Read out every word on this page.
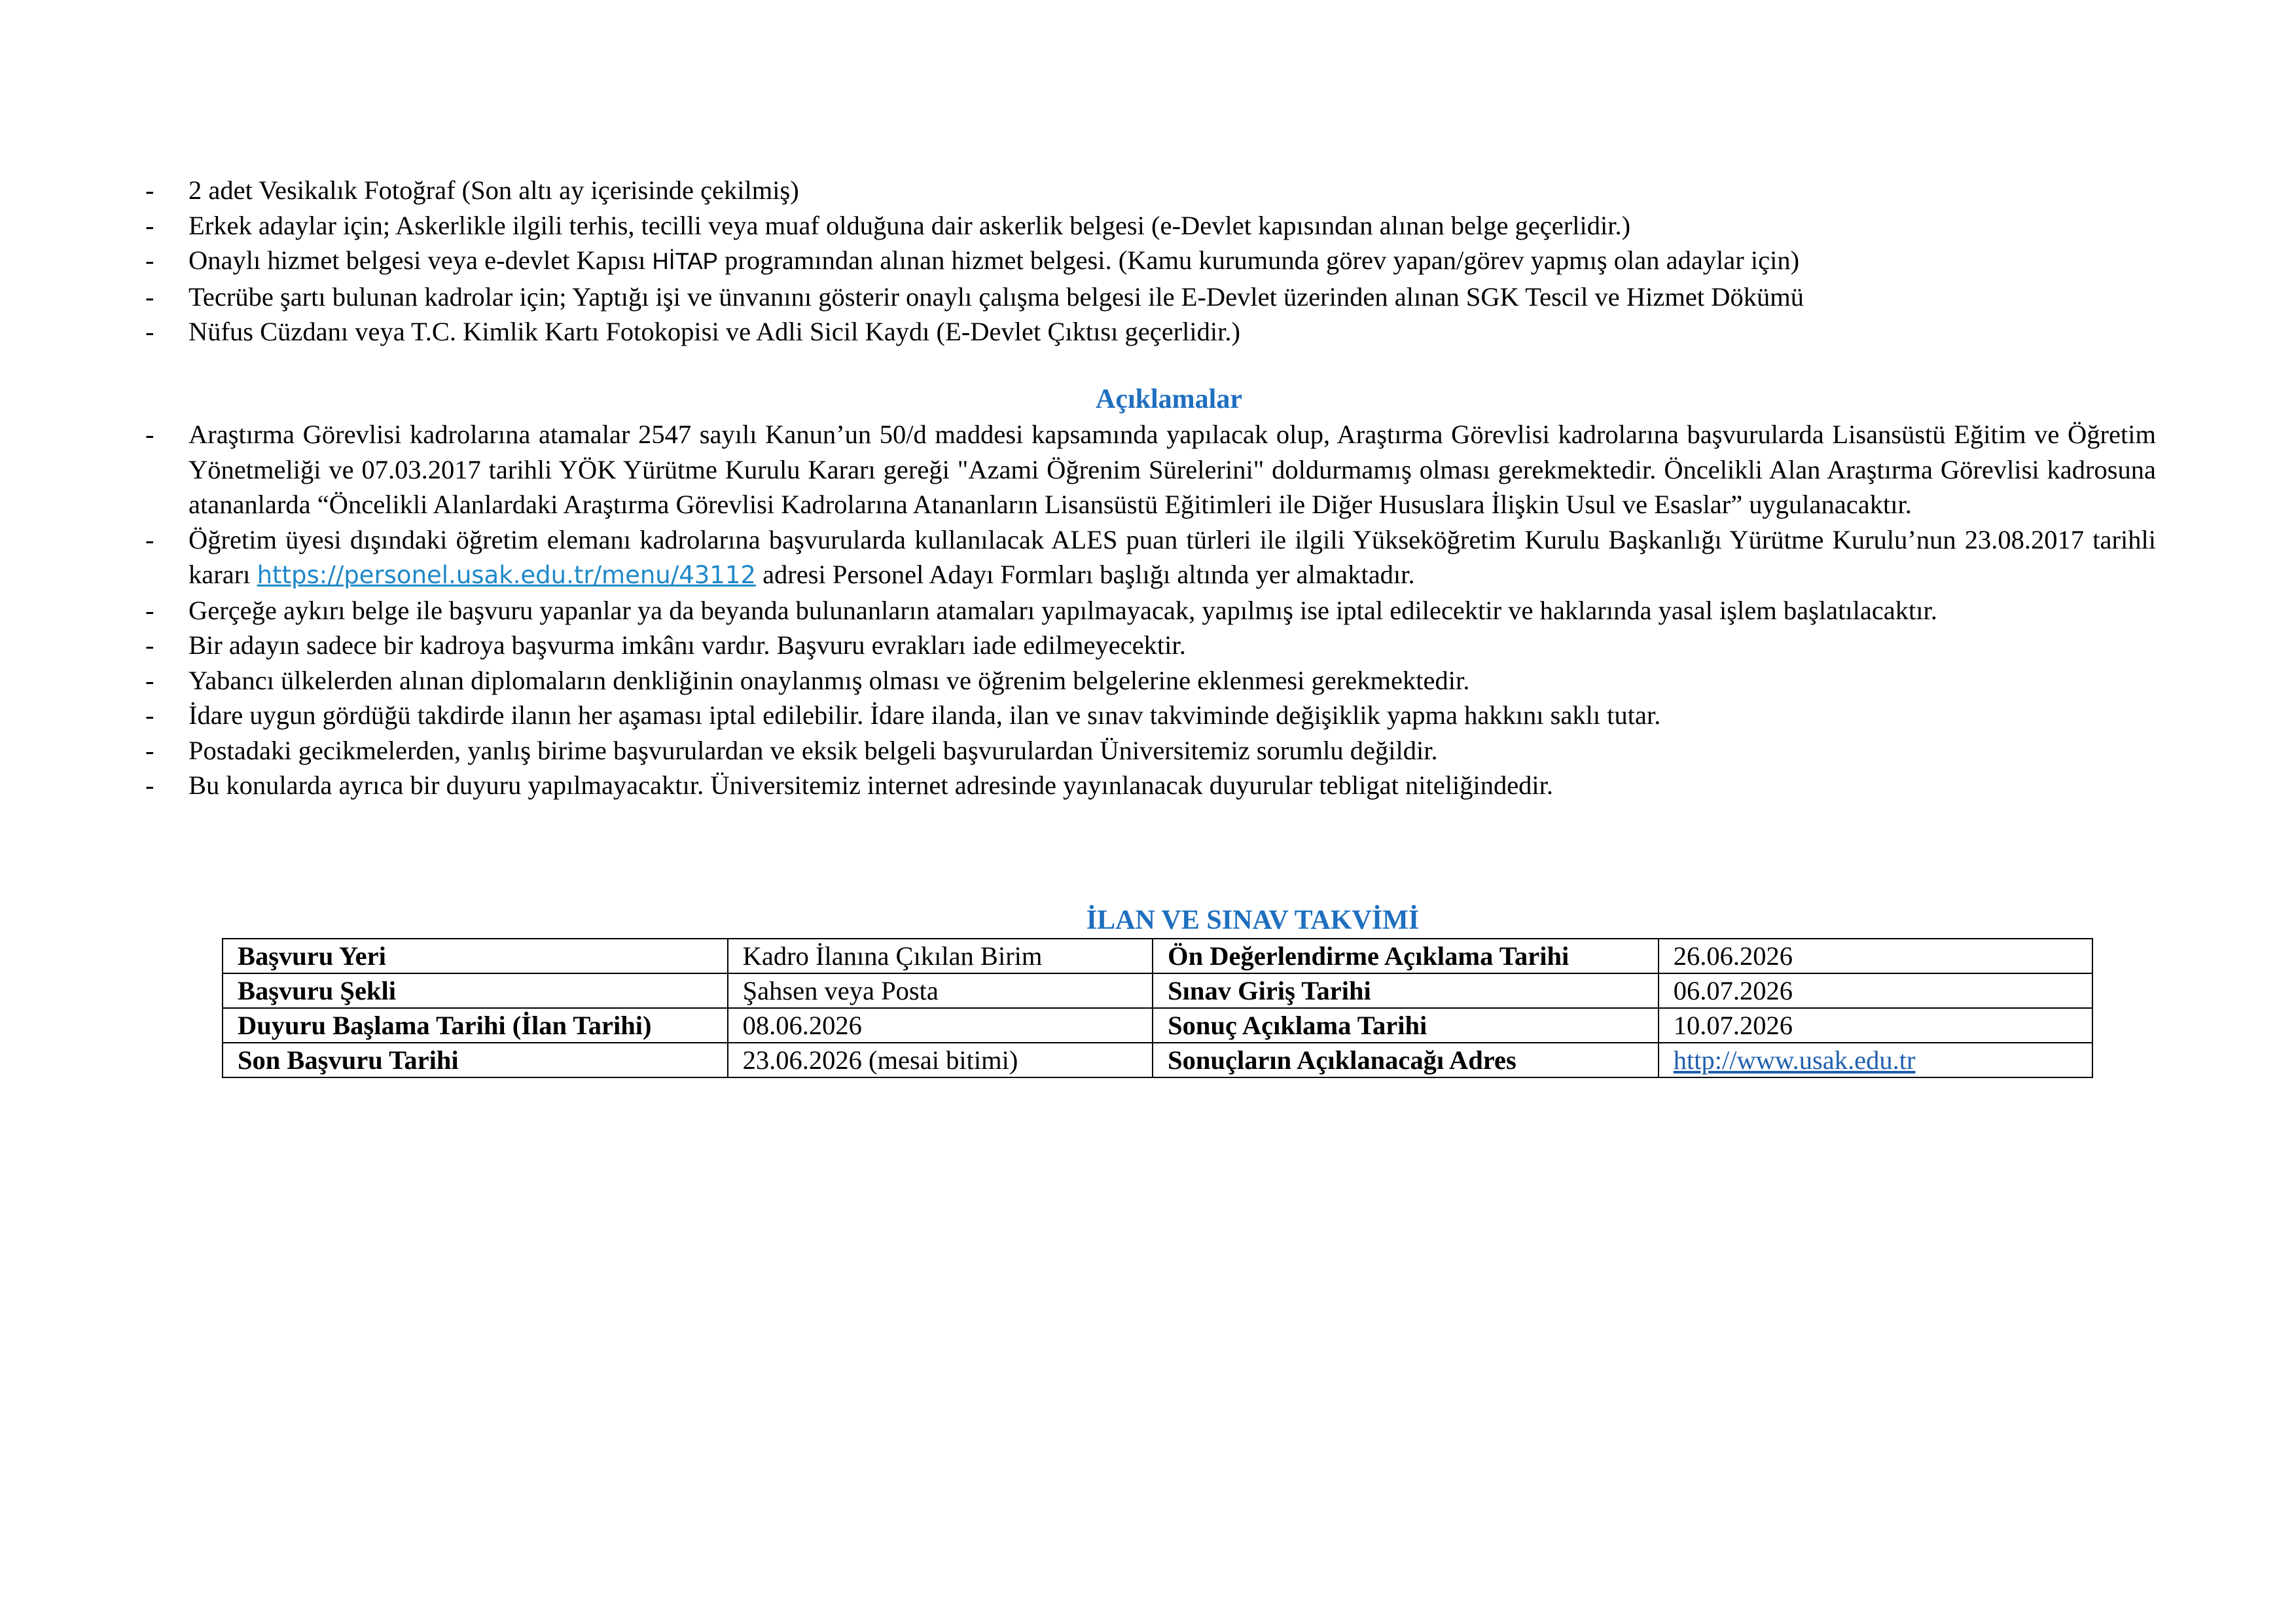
-	2 adet Vesikalık Fotoğraf (Son altı ay içerisinde çekilmiş)
-	Erkek adaylar için; Askerlikle ilgili terhis, tecilli veya muaf olduğuna dair askerlik belgesi (e-Devlet kapısından alınan belge geçerlidir.)
-	Onaylı hizmet belgesi veya e-devlet Kapısı HİTAP programından alınan hizmet belgesi. (Kamu kurumunda görev yapan/görev yapmış olan adaylar için)
-	Tecrübe şartı bulunan kadrolar için; Yaptığı işi ve ünvanını gösterir onaylı çalışma belgesi ile E-Devlet üzerinden alınan SGK Tescil ve Hizmet Dökümü
-	Nüfus Cüzdanı veya T.C. Kimlik Kartı Fotokopisi ve Adli Sicil Kaydı (E-Devlet Çıktısı geçerlidir.)
Açıklamalar
-	Araştırma Görevlisi kadrolarına atamalar 2547 sayılı Kanun’un 50/d maddesi kapsamında yapılacak olup, Araştırma Görevlisi kadrolarına başvurularda Lisansüstü Eğitim ve Öğretim Yönetmeliği ve 07.03.2017 tarihli YÖK Yürütme Kurulu Kararı gereği "Azami Öğrenim Sürelerini" doldurmamış olması gerekmektedir. Öncelikli Alan Araştırma Görevlisi kadrosuna atananlarda “Öncelikli Alanlardaki Araştırma Görevlisi Kadrolarına Atananların Lisansüstü Eğitimleri ile Diğer Hususlara İlişkin Usul ve Esaslar” uygulanacaktır.
-	Öğretim üyesi dışındaki öğretim elemanı kadrolarına başvurularda kullanılacak ALES puan türleri ile ilgili Yükseköğretim Kurulu Başkanlığı Yürütme Kurulu’nun 23.08.2017 tarihli kararı https://personel.usak.edu.tr/menu/43112 adresi Personel Adayı Formları başlığı altında yer almaktadır.
-	Gerçeğe aykırı belge ile başvuru yapanlar ya da beyanda bulunanların atamaları yapılmayacak, yapılmış ise iptal edilecektir ve haklarında yasal işlem başlatılacaktır.
-	Bir adayın sadece bir kadroya başvurma imkânı vardır. Başvuru evrakları iade edilmeyecektir.
-	Yabancı ülkelerden alınan diplomaların denkliğinin onaylanmış olması ve öğrenim belgelerine eklenmesi gerekmektedir.
-	İdare uygun gördüğü takdirde ilanın her aşaması iptal edilebilir. İdare ilanda, ilan ve sınav takviminde değişiklik yapma hakkını saklı tutar.
-	Postadaki gecikmelerden, yanlış birime başvurulardan ve eksik belgeli başvurulardan Üniversitemiz sorumlu değildir.
-	Bu konularda ayrıca bir duyuru yapılmayacaktır. Üniversitemiz internet adresinde yayınlanacak duyurular tebligat niteliğindedir.
İLAN VE SINAV TAKVİMİ
Başvuru Yeri	Kadro İlanına Çıkılan Birim	Ön Değerlendirme Açıklama Tarihi	26.06.2026
Başvuru Şekli	Şahsen veya Posta	Sınav Giriş Tarihi	06.07.2026
Duyuru Başlama Tarihi (İlan Tarihi)	08.06.2026	Sonuç Açıklama Tarihi	10.07.2026
Son Başvuru Tarihi	23.06.2026 (mesai bitimi)	Sonuçların Açıklanacağı Adres	http://www.usak.edu.tr
